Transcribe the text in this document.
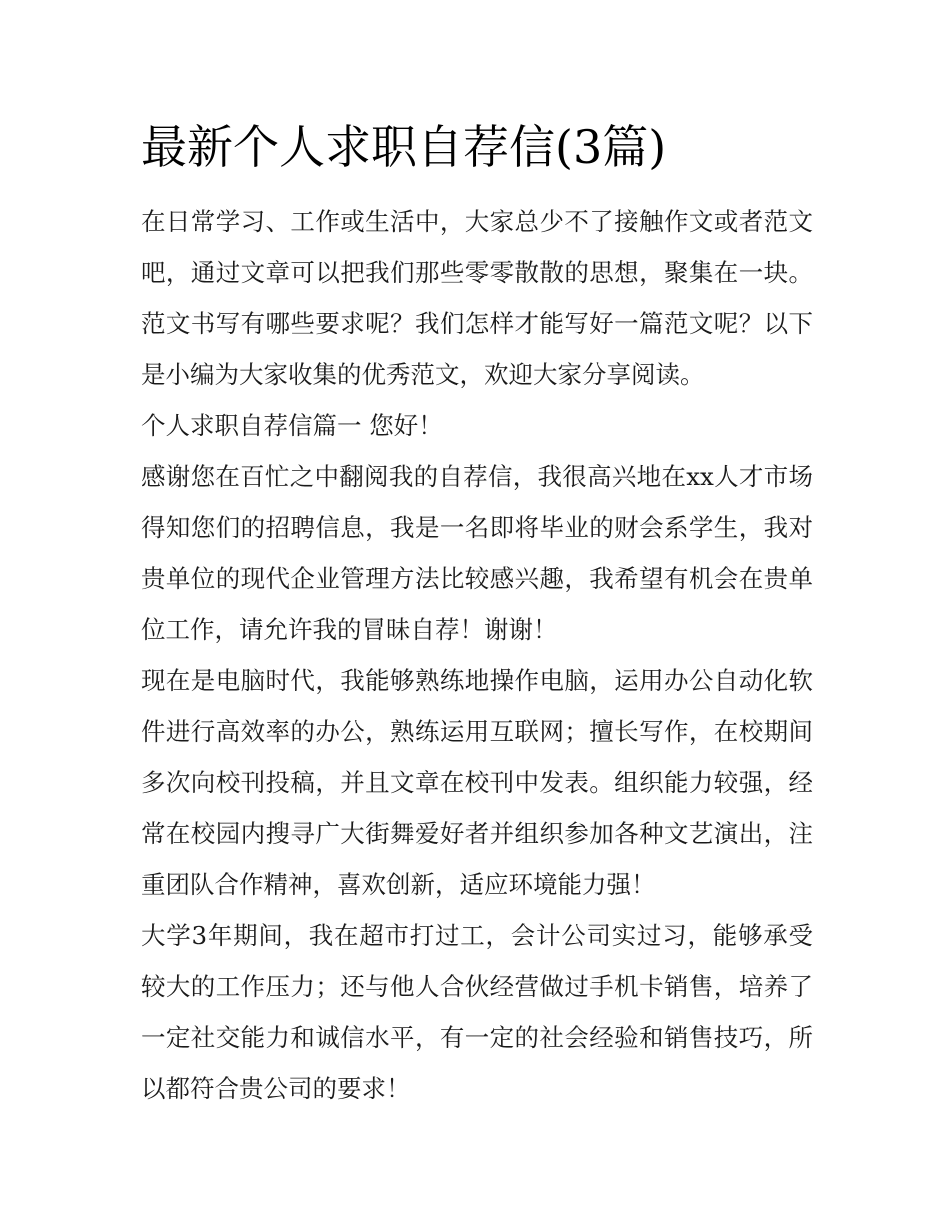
最新个人求职自荐信(3篇)

在日常学习、工作或生活中，大家总少不了接触作文或者范文吧，通过文章可以把我们那些零零散散的思想，聚集在一块。范文书写有哪些要求呢？我们怎样才能写好一篇范文呢？以下是小编为大家收集的优秀范文，欢迎大家分享阅读。

个人求职自荐信篇一 您好！

感谢您在百忙之中翻阅我的自荐信，我很高兴地在xx人才市场得知您们的招聘信息，我是一名即将毕业的财会系学生，我对贵单位的现代企业管理方法比较感兴趣，我希望有机会在贵单位工作，请允许我的冒昧自荐！谢谢！

现在是电脑时代，我能够熟练地操作电脑，运用办公自动化软件进行高效率的办公，熟练运用互联网；擅长写作，在校期间多次向校刊投稿，并且文章在校刊中发表。组织能力较强，经常在校园内搜寻广大街舞爱好者并组织参加各种文艺演出，注重团队合作精神，喜欢创新，适应环境能力强！

大学3年期间，我在超市打过工，会计公司实过习，能够承受较大的工作压力；还与他人合伙经营做过手机卡销售，培养了一定社交能力和诚信水平，有一定的社会经验和销售技巧，所以都符合贵公司的要求！
